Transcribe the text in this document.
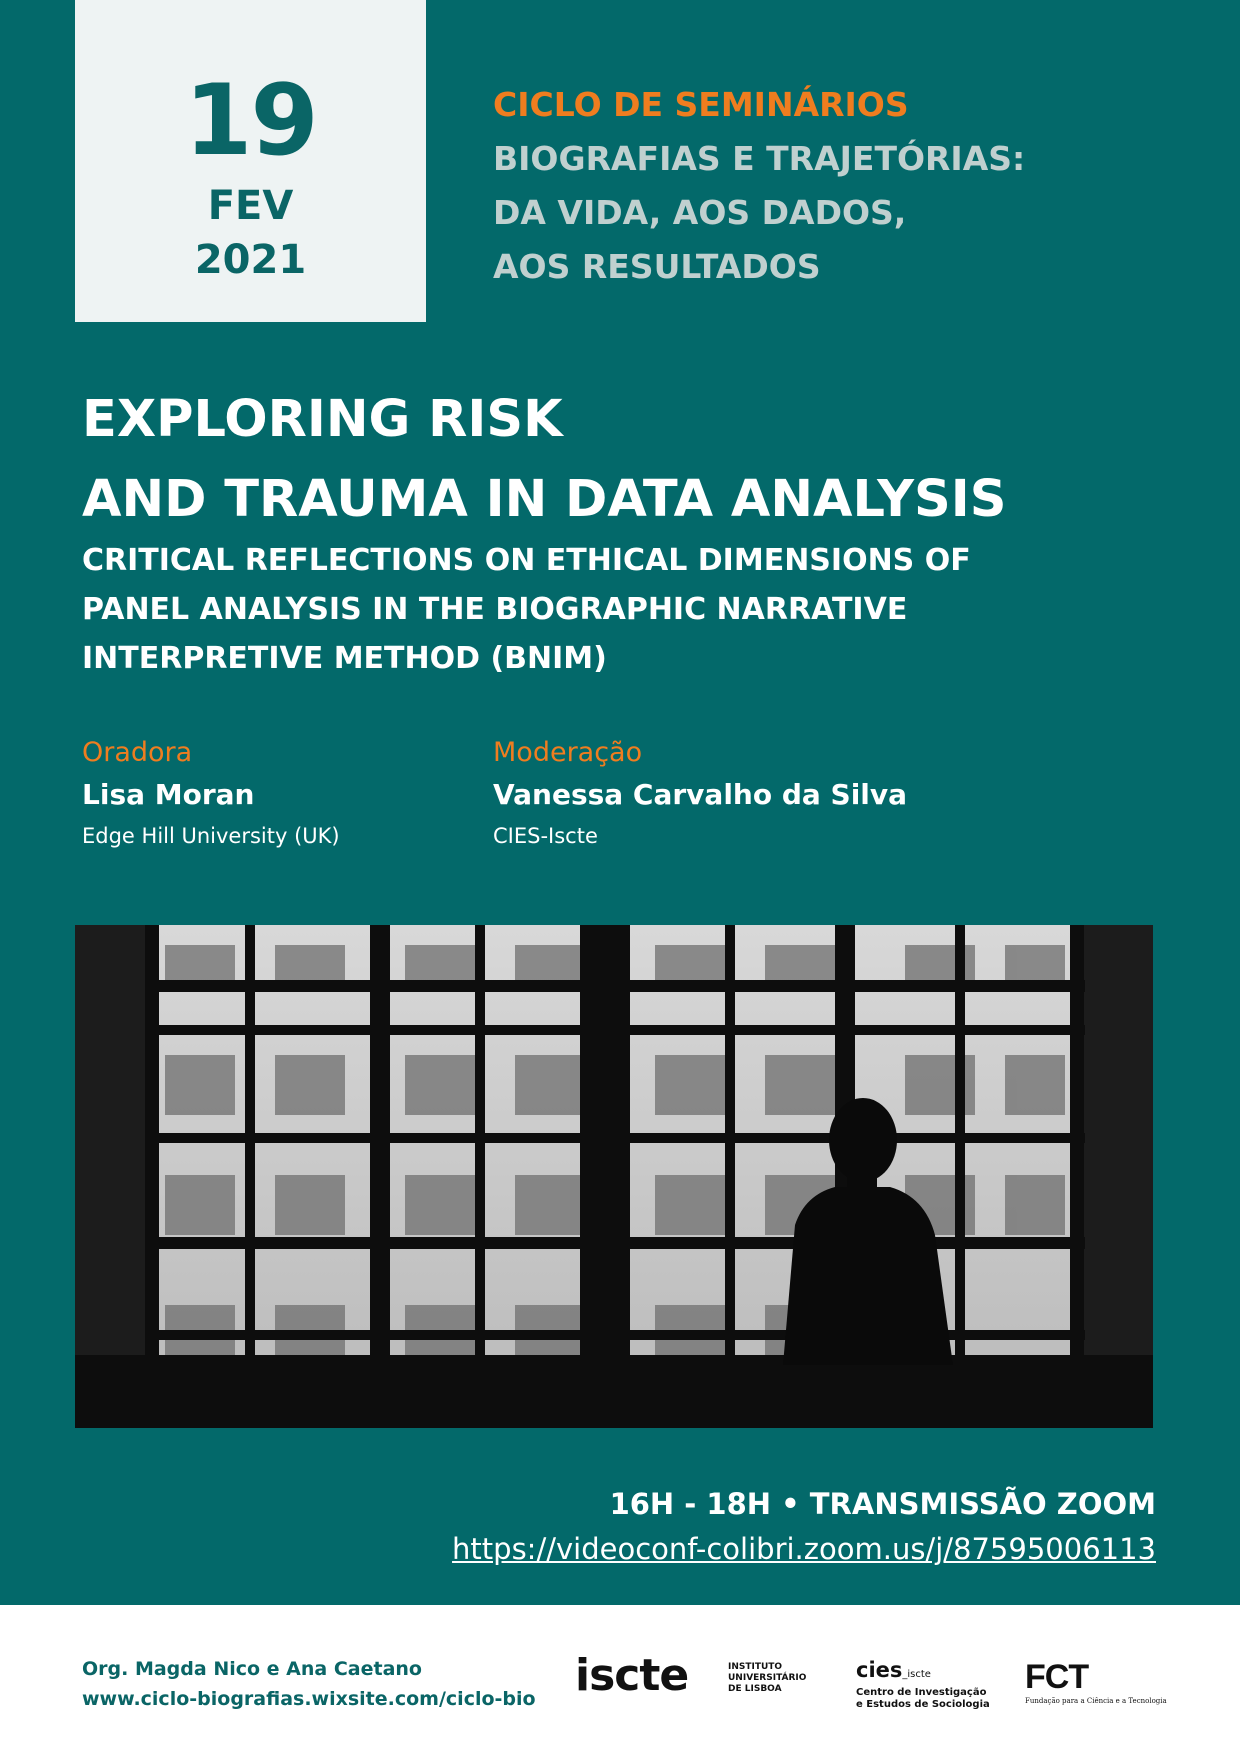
19
FEV
2021
CICLO DE SEMINÁRIOS
BIOGRAFIAS E TRAJETÓRIAS:
DA VIDA, AOS DADOS,
AOS RESULTADOS
EXPLORING RISK
AND TRAUMA IN DATA ANALYSIS
CRITICAL REFLECTIONS ON ETHICAL DIMENSIONS OF
PANEL ANALYSIS IN THE BIOGRAPHIC NARRATIVE
INTERPRETIVE METHOD (BNIM)
Oradora
Lisa Moran
Edge Hill University (UK)
Moderação
Vanessa Carvalho da Silva
CIES-Iscte
16H - 18H • TRANSMISSÃO ZOOM
https://videoconf-colibri.zoom.us/j/87595006113
Org. Magda Nico e Ana Caetano
www.ciclo-biografias.wixsite.com/ciclo-bio iscte	INSTITUTO
UNIVERSITÁRIO
DE LISBOA
cies_iscte
Centro de Investigação
e Estudos de Sociologia
FCT
Fundação para a Ciência e a Tecnologia
